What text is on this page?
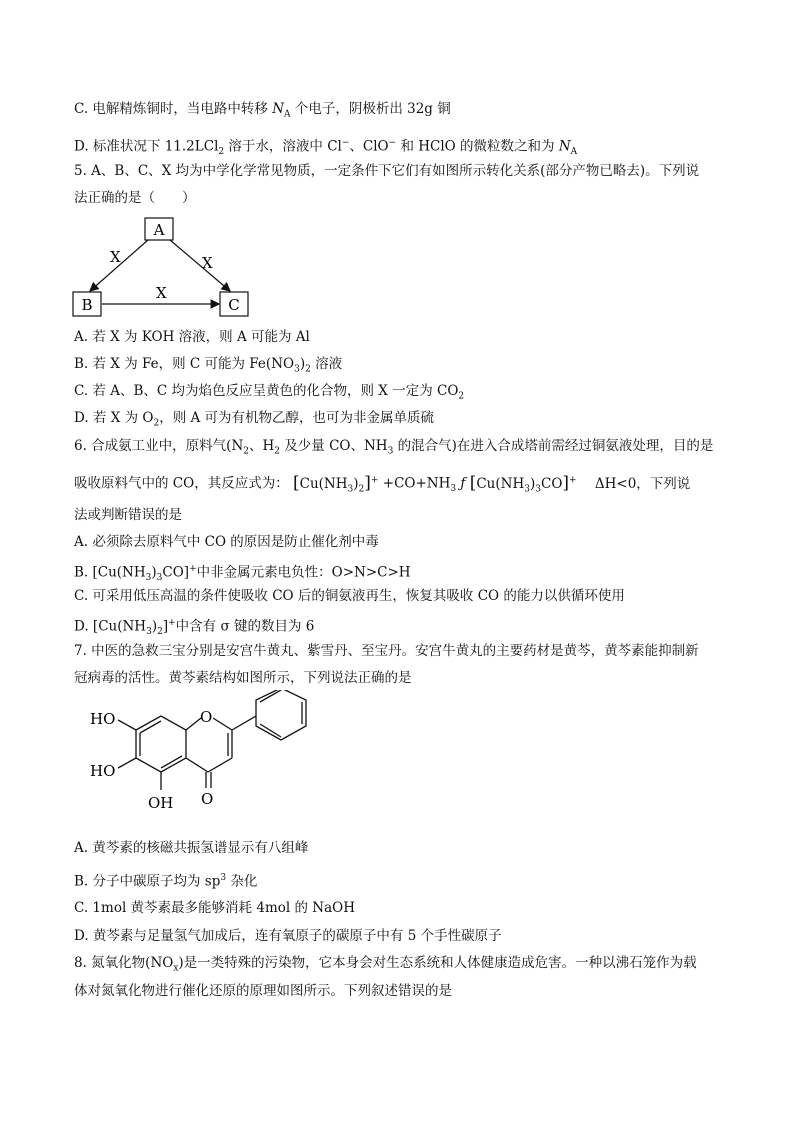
C. 电解精炼铜时，当电路中转移 $N_A$ 个电子，阴极析出 32g 铜
D. 标准状况下 11.2LCl$_2$ 溶于水，溶液中 Cl−、ClO− 和 HClO 的微粒数之和为 $N_A$
5. A、B、C、X 均为中学化学常见物质，一定条件下它们有如图所示转化关系(部分产物已略去)。下列说
法正确的是（　　）
A
B	C
X	X
X
A. 若 X 为 KOH 溶液，则 A 可能为 Al
B. 若 X 为 Fe，则 C 可能为 $Fe(NO_3)_2$ 溶液
C. 若 A、B、C 均为焰色反应呈黄色的化合物，则 X 一定为 $CO_2$
D. 若 X 为 $O_2$，则 A 可为有机物乙醇，也可为非金属单质硫
6. 合成氨工业中，原料气($N_2$、$H_2$ 及少量 CO、$NH_3$ 的混合气)在进入合成塔前需经过铜氨液处理，目的是
吸收原料气中的 CO，其反应式为： $[Cu(NH_3)_2]^+ +CO+NH_3$ ƒ $[Cu(NH_3)_3CO]^+$ ΔH<0，下列说
法或判断错误的是
A. 必须除去原料气中 CO 的原因是防止催化剂中毒
B. $[Cu(NH_3)_3CO]^+$中非金属元素电负性：O>N>C>H
C. 可采用低压高温的条件使吸收 CO 后的铜氨液再生，恢复其吸收 CO 的能力以供循环使用
D. $[Cu(NH_3)_2]^+$中含有 σ 键的数目为 6
7. 中医的急救三宝分别是安宫牛黄丸、紫雪丹、至宝丹。安宫牛黄丸的主要药材是黄芩，黄芩素能抑制新
冠病毒的活性。黄芩素结构如图所示，下列说法正确的是
HO
HO
OH
O
O
A. 黄芩素的核磁共振氢谱显示有八组峰
B. 分子中碳原子均为 $sp^3$ 杂化
C. 1mol 黄芩素最多能够消耗 4mol 的 NaOH
D. 黄芩素与足量氢气加成后，连有氧原子的碳原子中有 5 个手性碳原子
8. 氮氧化物$(NO_x)$是一类特殊的污染物，它本身会对生态系统和人体健康造成危害。一种以沸石笼作为载
体对氮氧化物进行催化还原的原理如图所示。下列叙述错误的是
